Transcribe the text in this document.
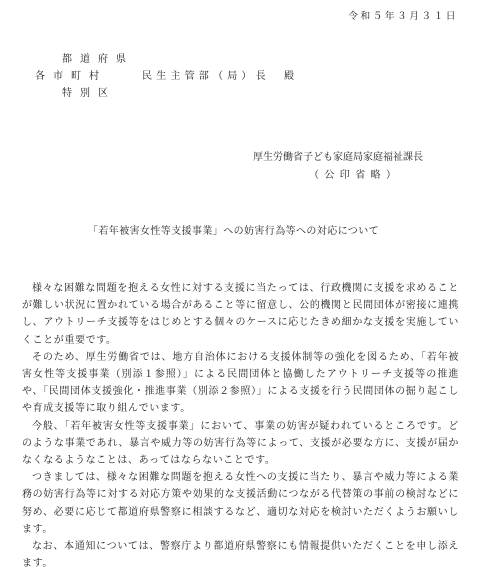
令和５年３月３１日
都道府県
各市町村	民生主管部（局）長　殿
特別区
厚生労働省子ども家庭局家庭福祉課長
（公印省略）
「若年被害女性等支援事業」への妨害行為等への対応について

様々な困難な問題を抱える女性に対する支援に当たっては、行政機関に支援を求めることが難しい状況に置かれている場合があること等に留意し、公的機関と民間団体が密接に連携し、アウトリーチ支援等をはじめとする個々のケースに応じたきめ細かな支援を実施していくことが重要です。

そのため、厚生労働省では、地方自治体における支援体制等の強化を図るため、「若年被害女性等支援事業（別添１参照）」による民間団体と協働したアウトリーチ支援等の推進や、「民間団体支援強化・推進事業（別添２参照）」による支援を行う民間団体の掘り起こしや育成支援等に取り組んでいます。

今般、「若年被害女性等支援事業」において、事業の妨害が疑われているところです。どのような事業であれ、暴言や威力等の妨害行為等によって、支援が必要な方に、支援が届かなくなるようなことは、あってはならないことです。

つきましては、様々な困難な問題を抱える女性への支援に当たり、暴言や威力等による業務の妨害行為等に対する対応方策や効果的な支援活動につながる代替策の事前の検討などに努め、必要に応じて都道府県警察に相談するなど、適切な対応を検討いただくようお願いします。

なお、本通知については、警察庁より都道府県警察にも情報提供いただくことを申し添えます。
